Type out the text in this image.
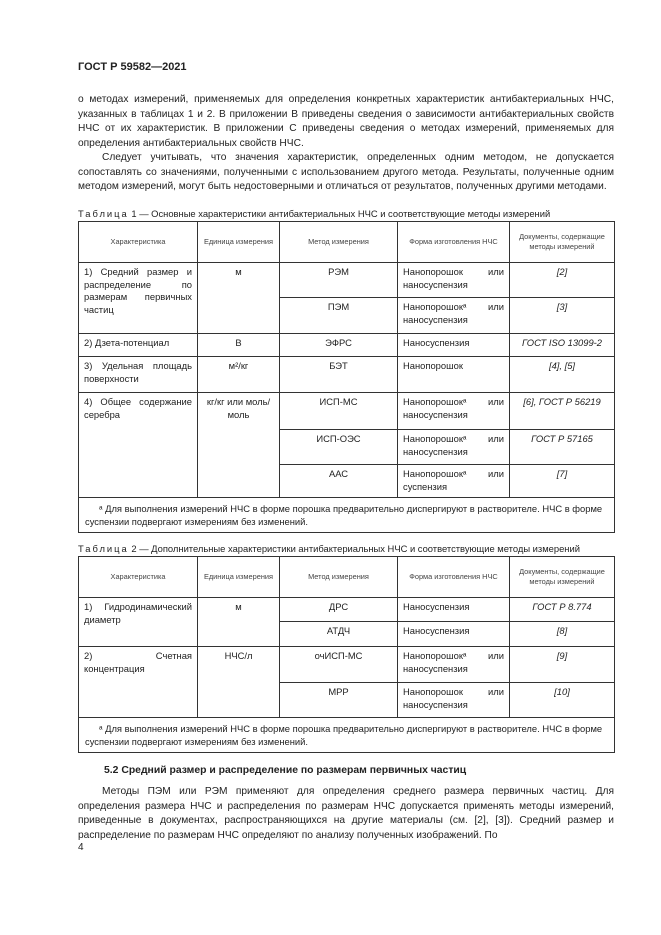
ГОСТ Р 59582—2021

о методах измерений, применяемых для определения конкретных характеристик антибактериальных НЧС, указанных в таблицах 1 и 2. В приложении В приведены сведения о зависимости антибактериальных свойств НЧС от их характеристик. В приложении С приведены сведения о методах измерений, применяемых для определения антибактериальных свойств НЧС.

Следует учитывать, что значения характеристик, определенных одним методом, не допускается сопоставлять со значениями, полученными с использованием другого метода. Результаты, полученные одним методом измерений, могут быть недостоверными и отличаться от результатов, полученных другими методами.

Таблица 1 — Основные характеристики антибактериальных НЧС и соответствующие методы измерений
Характеристика	Единица измерения	Метод измерения	Форма изготовления НЧС	Документы, содержащие методы измерений
1) Средний размер и распределение по размерам первичных частиц	м	РЭМ	Нанопорошок или наносуспензия	[2]
		ПЭМ	Нанопорошокᵃ или наносуспензия	[3]
2) Дзета-потенциал	В	ЭФРС	Наносуспензия	ГОСТ ISO 13099-2
3) Удельная площадь поверхности	м²/кг	БЭТ	Нанопорошок	[4], [5]
4) Общее содержание серебра	кг/кг или моль/моль	ИСП-МС	Нанопорошокᵃ или наносуспензия	[6], ГОСТ Р 56219
		ИСП-ОЭС	Нанопорошокᵃ или наносуспензия	ГОСТ Р 57165
		ААС	Нанопорошокᵃ или суспензия	[7]
ᵃ Для выполнения измерений НЧС в форме порошка предварительно диспергируют в растворителе. НЧС в форме суспензии подвергают измерениям без изменений.				
Таблица 2 — Дополнительные характеристики антибактериальных НЧС и соответствующие методы измерений
Характеристика	Единица измерения	Метод измерения	Форма изготовления НЧС	Документы, содержащие методы измерений
1) Гидродинамический диаметр	м	ДРС	Наносуспензия	ГОСТ Р 8.774
		АТДЧ	Наносуспензия	[8]
2) Счетная концентрация	НЧС/л	очИСП-МС	Нанопорошокᵃ или наносуспензия	[9]
		МРР	Нанопорошок или наносуспензия	[10]
ᵃ Для выполнения измерений НЧС в форме порошка предварительно диспергируют в растворителе. НЧС в форме суспензии подвергают измерениям без изменений.				
5.2 Средний размер и распределение по размерам первичных частиц

Методы ПЭМ или РЭМ применяют для определения среднего размера первичных частиц. Для определения размера НЧС и распределения по размерам НЧС допускается применять методы измерений, приведенные в документах, распространяющихся на другие материалы (см. [2], [3]). Средний размер и распределение по размерам НЧС определяют по анализу полученных изображений. По

4
